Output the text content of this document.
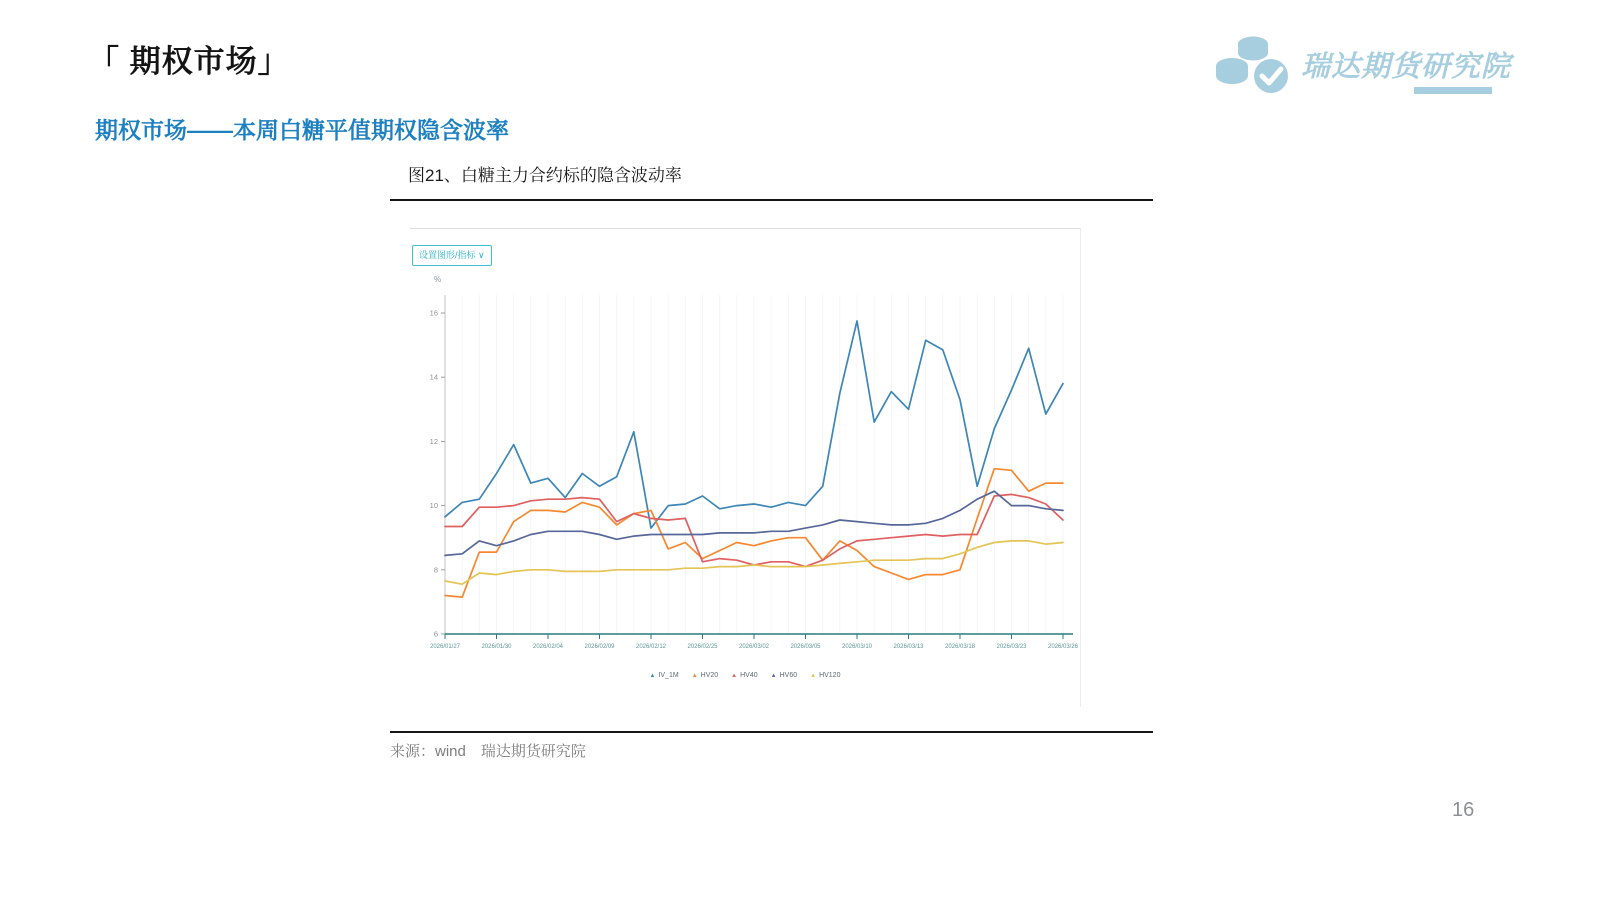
「 期权市场」
期权市场——本周白糖平值期权隐含波率
瑞达期货研究院
图21、白糖主力合约标的隐含波动率
16
14
12
10
8
6
2026/01/27	2026/01/30	2026/02/04	2026/02/09	2026/02/12	2026/02/25	2026/03/02	2026/03/05	2026/03/10	2026/03/13	2026/03/18	2026/03/23	2026/03/26
设置图形/指标 ∨
%
▲ IV_1M ▲ HV20 ▲ HV40 ▲ HV60 ▲ HV120
来源：wind　瑞达期货研究院
16
